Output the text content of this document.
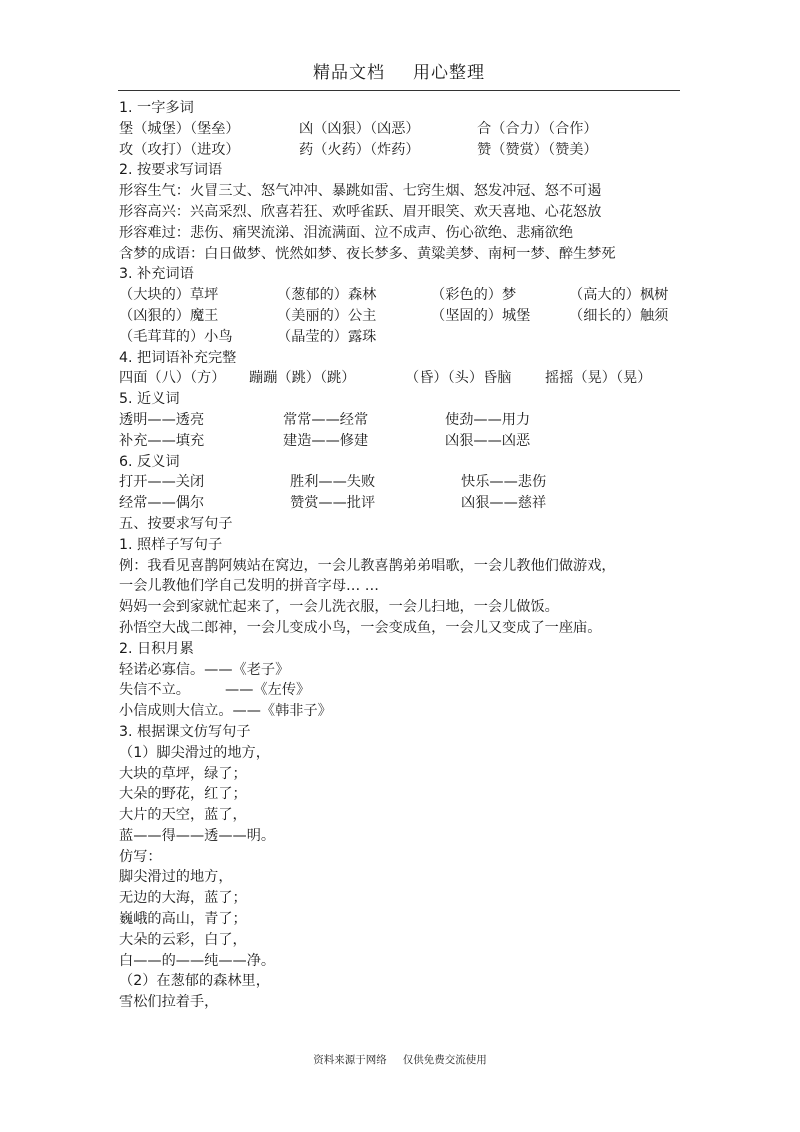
精品文档 用心整理
1. 一字多词
堡（城堡）（堡垒）	凶（凶狠）（凶恶）	合（合力）（合作）
攻（攻打）（进攻）	药（火药）（炸药）	赞（赞赏）（赞美）
2. 按要求写词语
形容生气：火冒三丈、怒气冲冲、暴跳如雷、七窍生烟、怒发冲冠、怒不可遏
形容高兴：兴高采烈、欣喜若狂、欢呼雀跃、眉开眼笑、欢天喜地、心花怒放
形容难过：悲伤、痛哭流涕、泪流满面、泣不成声、伤心欲绝、悲痛欲绝
含梦的成语：白日做梦、恍然如梦、夜长梦多、黄粱美梦、南柯一梦、醉生梦死
3. 补充词语
（大块的）草坪	（葱郁的）森林	（彩色的）梦	（高大的）枫树
（凶狠的）魔王	（美丽的）公主	（坚固的）城堡	（细长的）触须
（毛茸茸的）小鸟	（晶莹的）露珠
4. 把词语补充完整
四面（八）（方）	蹦蹦（跳）（跳）	（昏）（头）昏脑	摇摇（晃）（晃）
5. 近义词
透明——透亮	常常——经常	使劲——用力
补充——填充	建造——修建	凶狠——凶恶
6. 反义词
打开——关闭	胜利——失败	快乐——悲伤
经常——偶尔	赞赏——批评	凶狠——慈祥
五、按要求写句子
1. 照样子写句子
例：我看见喜鹊阿姨站在窝边，一会儿教喜鹊弟弟唱歌，一会儿教他们做游戏，
一会儿教他们学自己发明的拼音字母… …
妈妈一会到家就忙起来了，一会儿洗衣服，一会儿扫地，一会儿做饭。
孙悟空大战二郎神，一会儿变成小鸟，一会变成鱼，一会儿又变成了一座庙。
2. 日积月累
轻诺必寡信。——《老子》
失信不立。	——《左传》
小信成则大信立。——《韩非子》
3. 根据课文仿写句子
（1）脚尖滑过的地方，
大块的草坪，绿了；
大朵的野花，红了；
大片的天空，蓝了，
蓝——得——透——明。
仿写：
脚尖滑过的地方，
无边的大海，蓝了；
巍峨的高山，青了；
大朵的云彩，白了，
白——的——纯——净。
（2）在葱郁的森林里，
雪松们拉着手，
资料来源于网络 仅供免费交流使用
